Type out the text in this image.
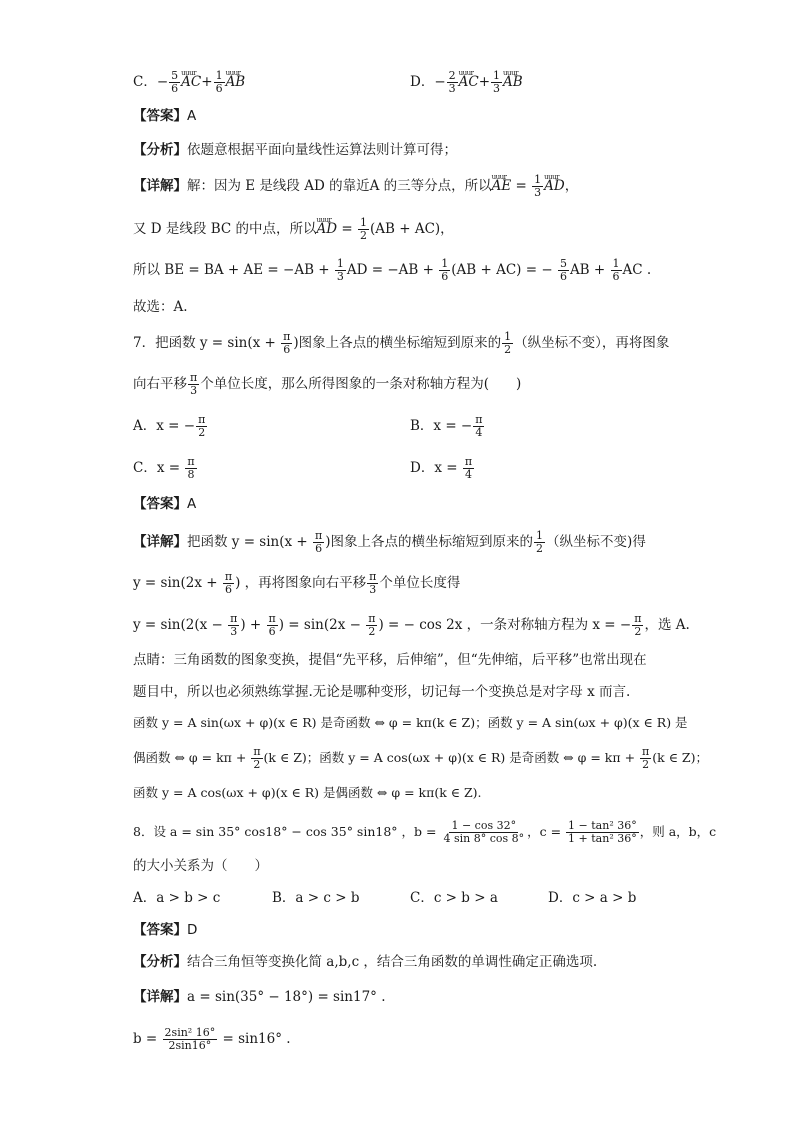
C．− $\frac{5}{6}$ uuur $AC+ \frac{1}{6}$ uuur AB	D．− $\frac{2}{3}$ uuur $AC+ \frac{1}{3}$ uuur AB
【答案】A
【分析】依题意根据平面向量线性运算法则计算可得；
【详解】解：因为 E 是线段 AD 的靠近A 的三等分点，所以uuur AE = $\frac{1}{3}$ uuur AD，
又 D 是线段 BC 的中点，所以uuur AD = $\frac{1}{2} (AB + AC)$，
所以 BE = BA + AE = $-AB + \frac{1}{3}$ AD = $-AB + \frac{1}{6} (AB + AC)$ = − $\frac{5}{6}$ AB + $\frac{1}{6}$ AC .
故选：A.
7．把函数 $y = \sin(x + \frac{\pi}{6}$ )图象上各点的横坐标缩短到原来的 $\frac{1}{2}$ （纵坐标不变），再将图象
向右平移 $\frac{\pi}{3}$ 个单位长度，那么所得图象的一条对称轴方程为(　　)
A．x = − $\frac{\pi}{2}$	B．x = − $\frac{\pi}{4}$
C．$x = \frac{\pi}{8}$	D．$x = \frac{\pi}{4}$
【答案】A
【详解】把函数 $y = \sin(x + \frac{\pi}{6}$ )图象上各点的横坐标缩短到原来的 $\frac{1}{2}$ （纵坐标不变)得
$y = \sin(2x + \frac{\pi}{6}$ ) ，再将图象向右平移 $\frac{\pi}{3}$ 个单位长度得
$y = \sin(2(x - \frac{\pi}{3}$ ) + $\frac{\pi}{6}$ ) = $\sin(2x - \frac{\pi}{2}$ ) = − cos 2x ，一条对称轴方程为 x = − $\frac{\pi}{2}$ ，选 A.
点睛：三角函数的图象变换，提倡“先平移，后伸缩”，但“先伸缩，后平移”也常出现在
题目中，所以也必须熟练掌握.无论是哪种变形，切记每一个变换总是对字母 x 而言.
函数 y = A sin(ωx + φ)(x ∈ R) 是奇函数 ⇔ φ = kπ(k ∈ Z)；函数 y = A sin(ωx + φ)(x ∈ R) 是
偶函数 ⇔ $\varphi = k\pi + \frac{\pi}{2} (k$ ∈ Z)；函数 y = A cos(ωx + φ)(x ∈ R) 是奇函数 ⇔ $\varphi = k\pi + \frac{\pi}{2} (k$ ∈ Z)；
函数 y = A cos(ωx + φ)(x ∈ R) 是偶函数 ⇔ φ = kπ(k ∈ Z).
8．设 a = sin 35° cos18° − cos 35° sin18° ，$b = \frac{1 - \cos 32^\circ}{4 \sin 8^\circ \cos 8^\circ}$ ，$c = \frac{\text{1 − tan² 36°}}{\text{1 + tan² 36°}}$ ，则 a，b，c
的大小关系为（　　）
A．a > b > c	B．a > c > b	C．c > b > a	D．c > a > b
【答案】D
【分析】结合三角恒等变换化简 a,b,c ，结合三角函数的单调性确定正确选项.
【详解】a = sin(35° − 18°) = sin17° .
$b = \frac{\text{2sin² 16°}}{2\sin 16^\circ} = \sin 16^\circ$ .
